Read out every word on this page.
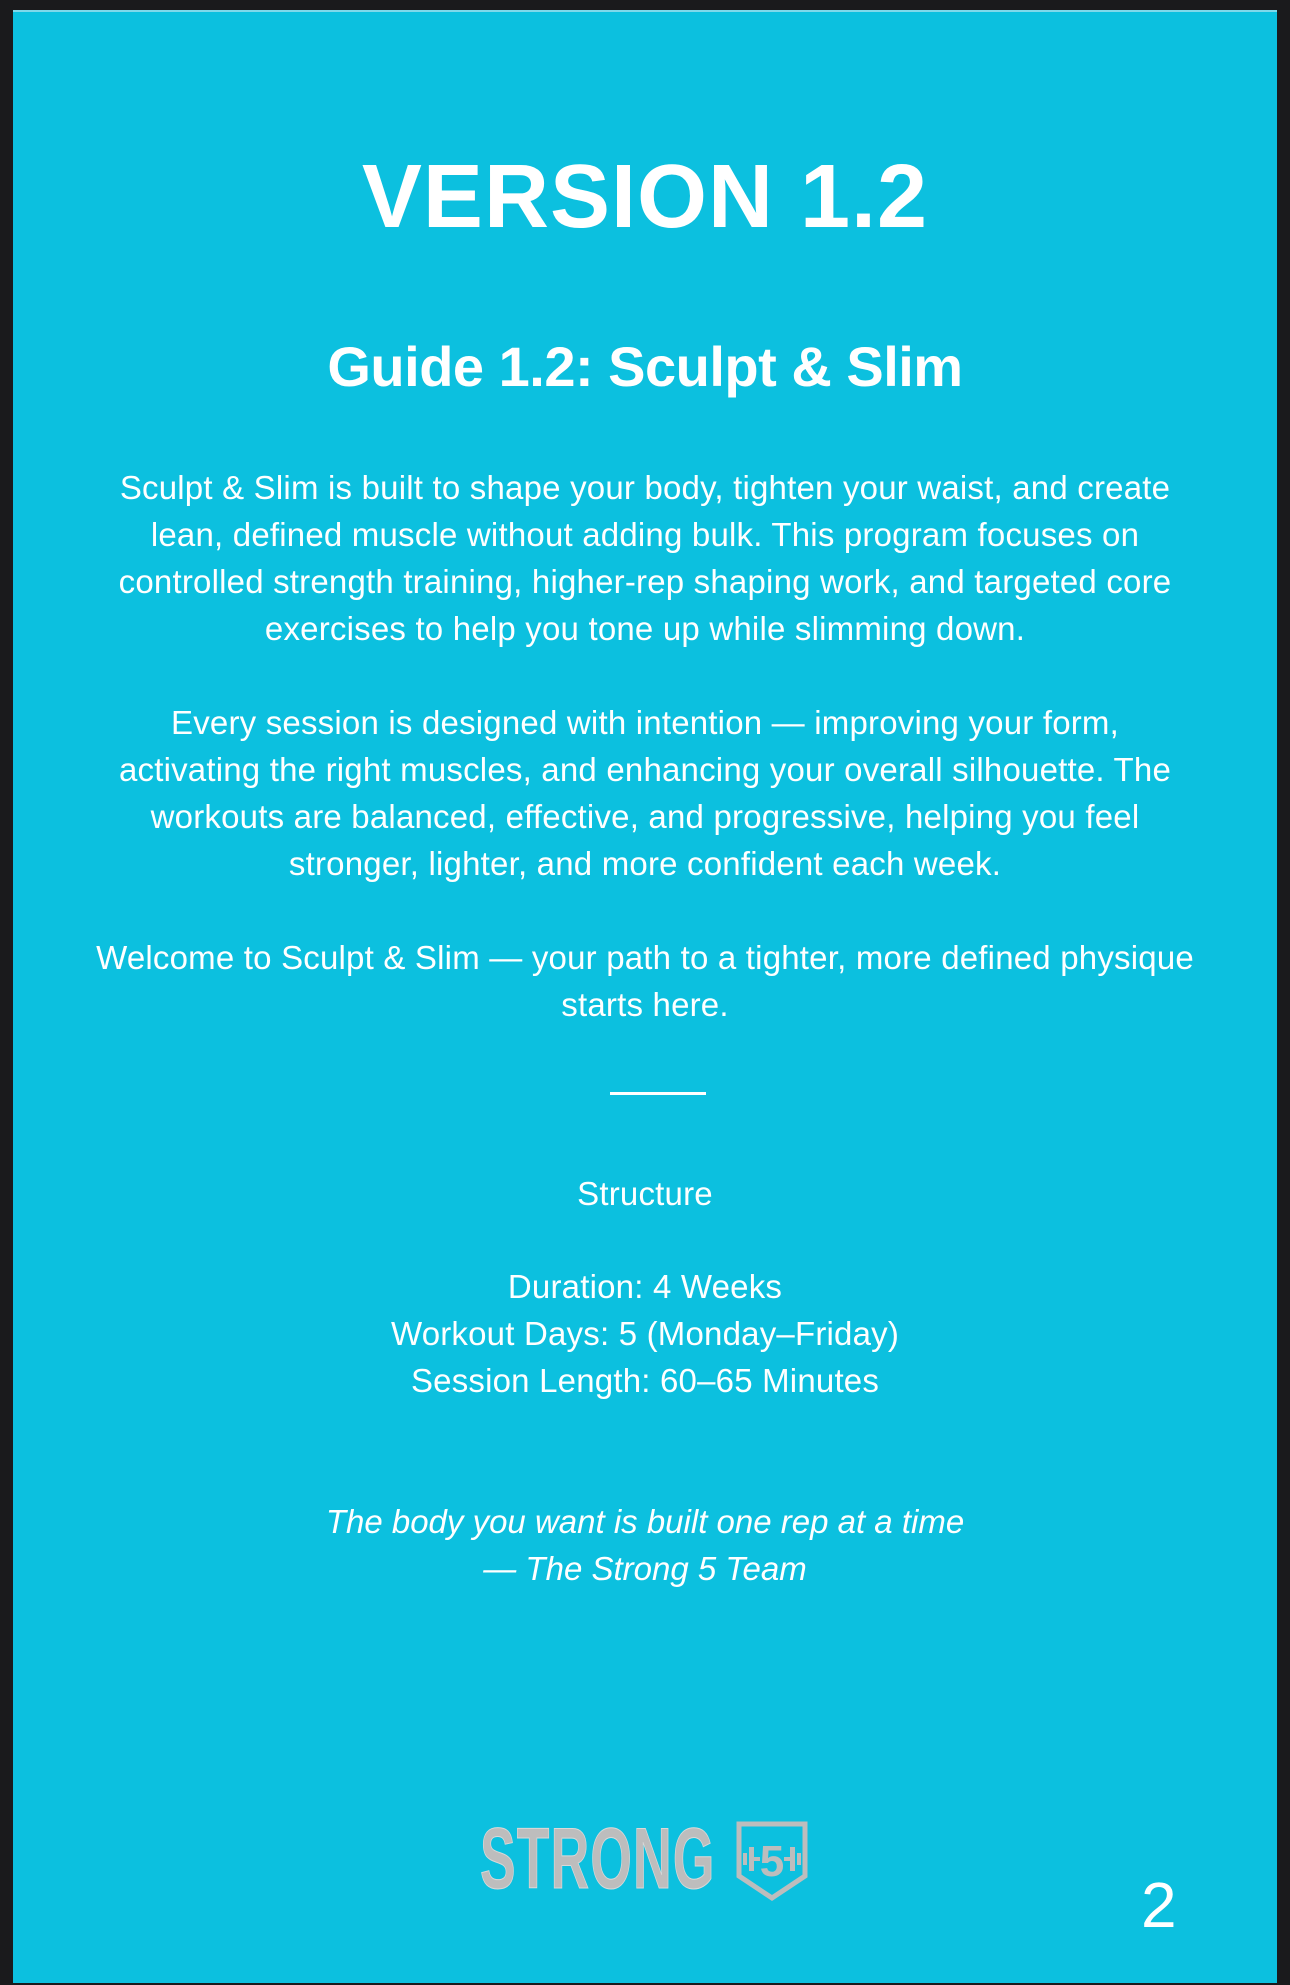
VERSION 1.2
Guide 1.2: Sculpt & Slim
Sculpt & Slim is built to shape your body, tighten your waist, and create
lean, defined muscle without adding bulk. This program focuses on
controlled strength training, higher-rep shaping work, and targeted core
exercises to help you tone up while slimming down.
Every session is designed with intention — improving your form,
activating the right muscles, and enhancing your overall silhouette. The
workouts are balanced, effective, and progressive, helping you feel
stronger, lighter, and more confident each week.
Welcome to Sculpt & Slim — your path to a tighter, more defined physique
starts here.
Structure
Duration: 4 Weeks
Workout Days: 5 (Monday–Friday)
Session Length: 60–65 Minutes
The body you want is built one rep at a time
— The Strong 5 Team
STRONG 5
2
